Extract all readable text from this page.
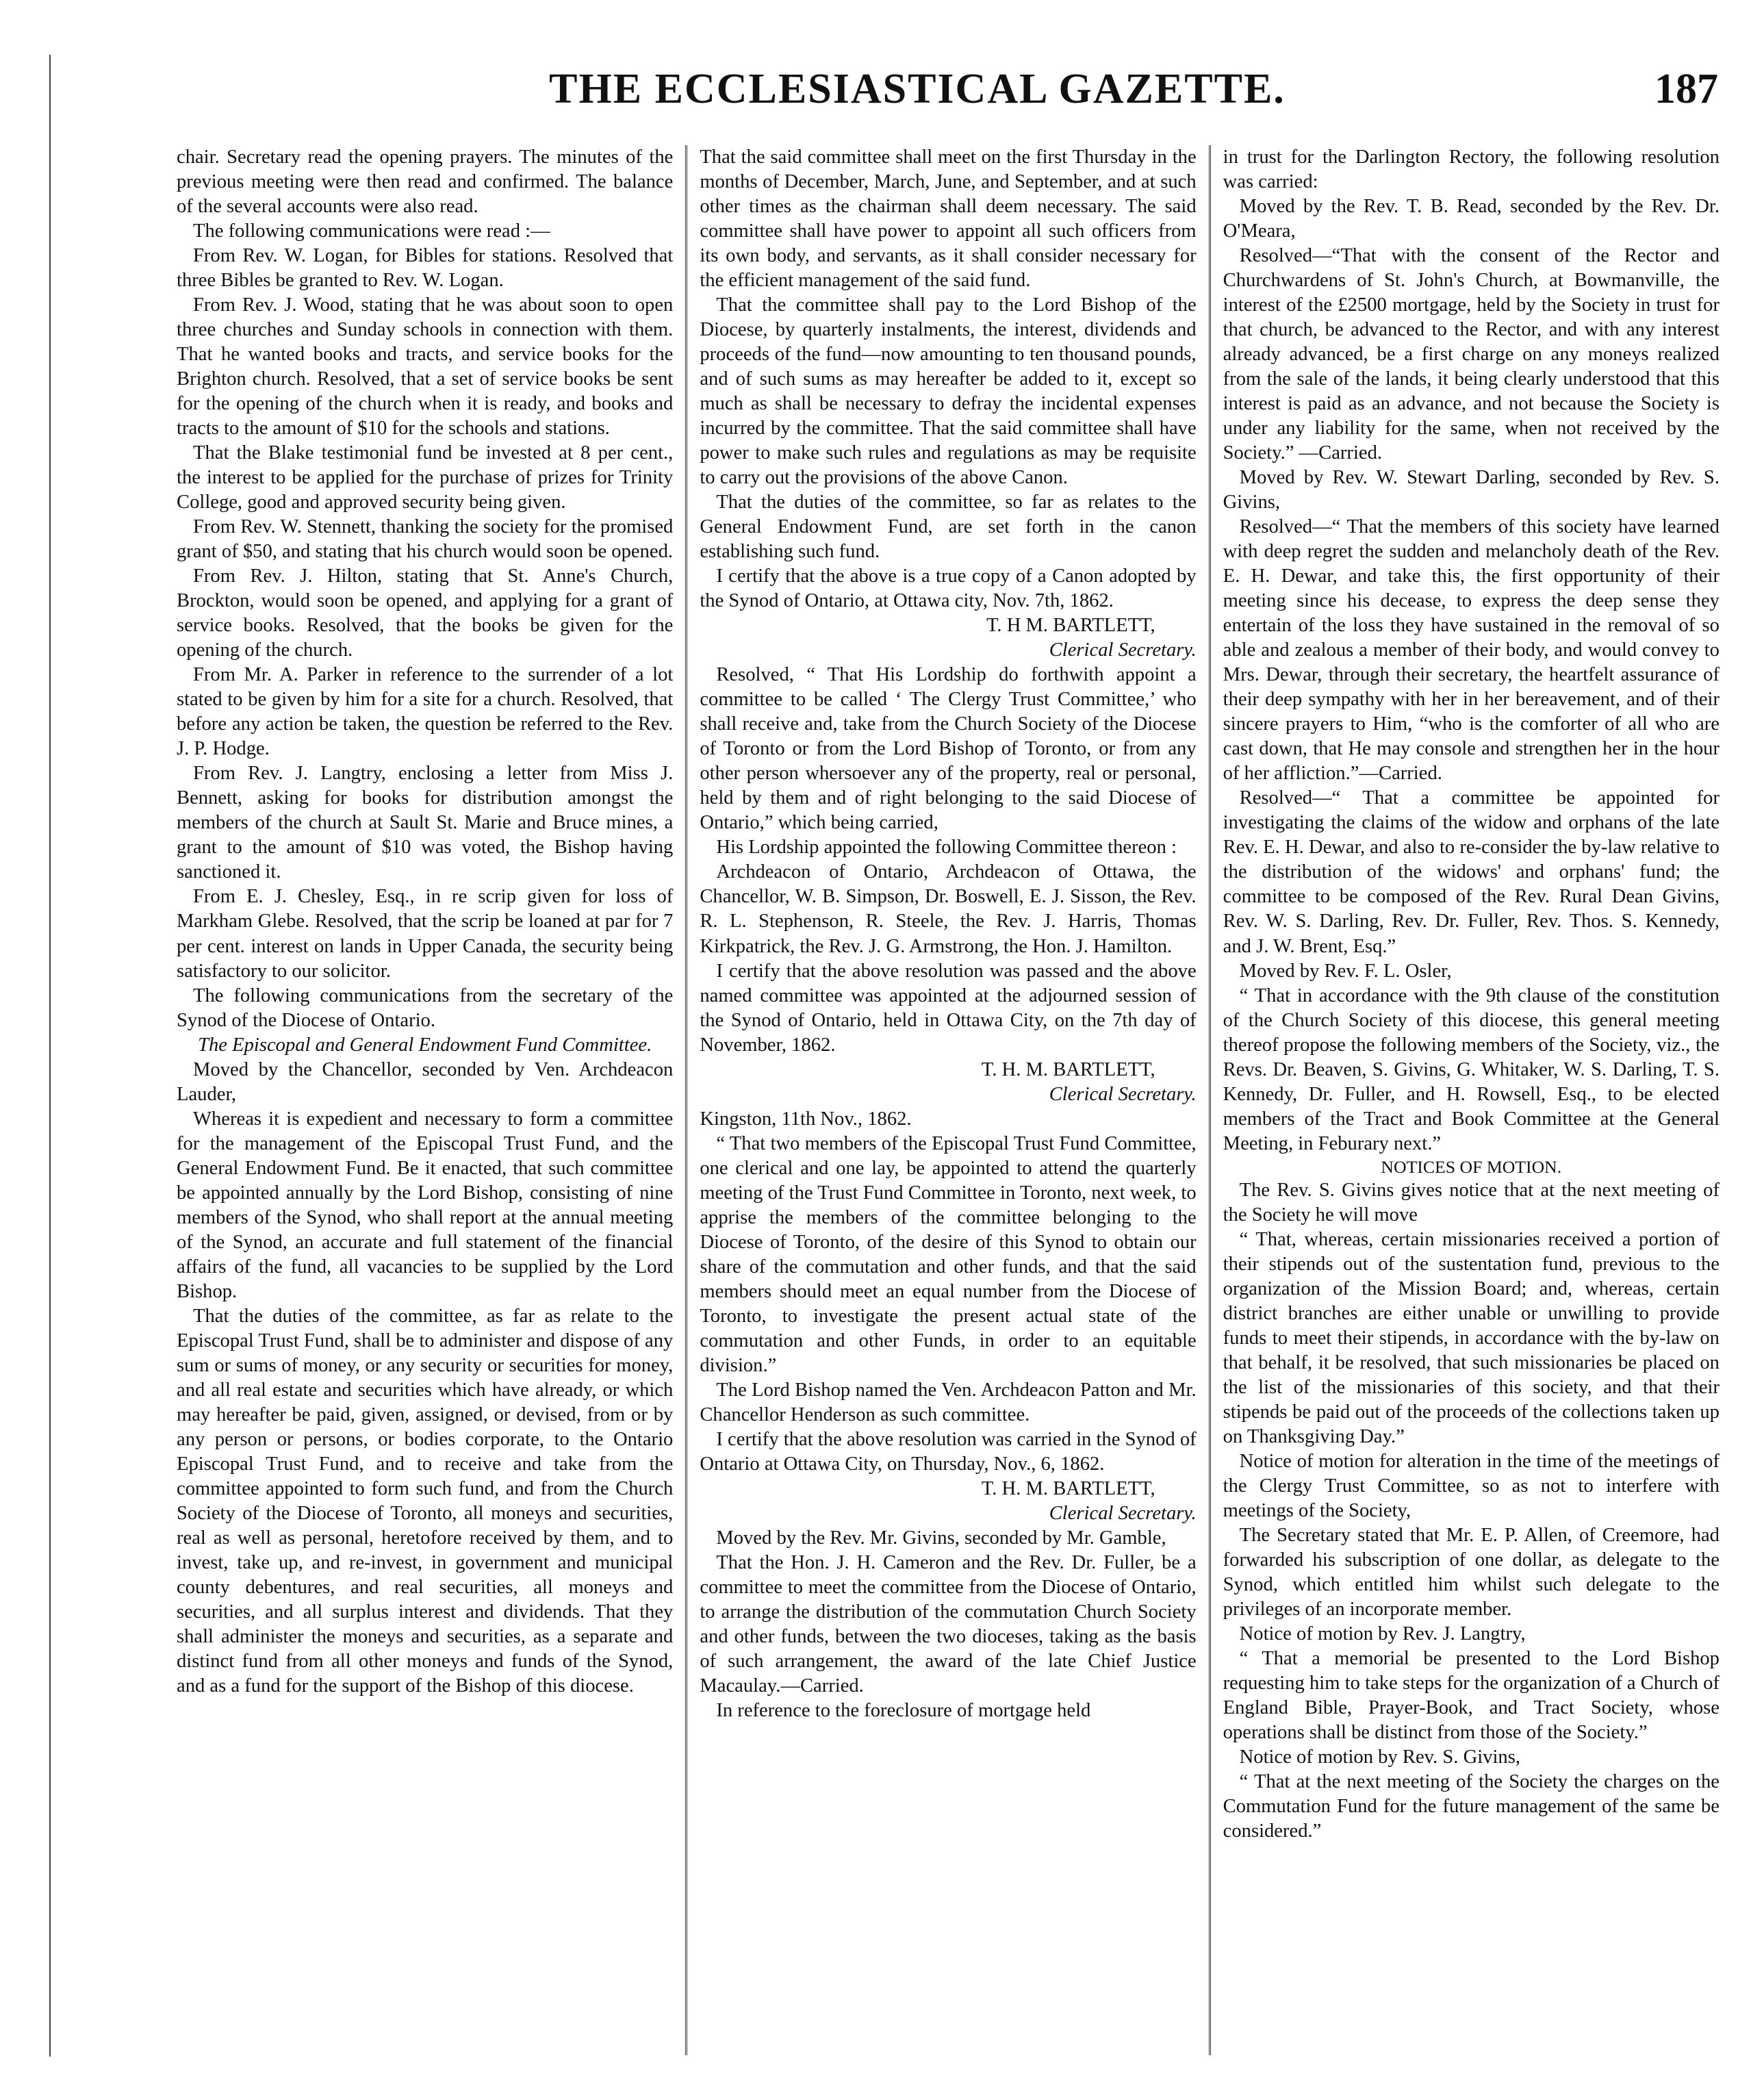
THE ECCLESIASTICAL GAZETTE.	187

chair. Secretary read the opening prayers. The minutes of the previous meeting were then read and confirmed. The balance of the several accounts were also read.

The following communications were read :—

From Rev. W. Logan, for Bibles for stations. Resolved that three Bibles be granted to Rev. W. Logan.

From Rev. J. Wood, stating that he was about soon to open three churches and Sunday schools in connection with them. That he wanted books and tracts, and service books for the Brighton church. Resolved, that a set of service books be sent for the opening of the church when it is ready, and books and tracts to the amount of $10 for the schools and stations.

That the Blake testimonial fund be invested at 8 per cent., the interest to be applied for the purchase of prizes for Trinity College, good and approved security being given.

From Rev. W. Stennett, thanking the society for the promised grant of $50, and stating that his church would soon be opened.

From Rev. J. Hilton, stating that St. Anne's Church, Brockton, would soon be opened, and applying for a grant of service books. Resolved, that the books be given for the opening of the church.

From Mr. A. Parker in reference to the surrender of a lot stated to be given by him for a site for a church. Resolved, that before any action be taken, the question be referred to the Rev. J. P. Hodge.

From Rev. J. Langtry, enclosing a letter from Miss J. Bennett, asking for books for distribution amongst the members of the church at Sault St. Marie and Bruce mines, a grant to the amount of $10 was voted, the Bishop having sanctioned it.

From E. J. Chesley, Esq., in re scrip given for loss of Markham Glebe. Resolved, that the scrip be loaned at par for 7 per cent. interest on lands in Upper Canada, the security being satisfactory to our solicitor.

The following communications from the secretary of the Synod of the Diocese of Ontario.

The Episcopal and General Endowment Fund Committee.

Moved by the Chancellor, seconded by Ven. Archdeacon Lauder,

Whereas it is expedient and necessary to form a committee for the management of the Episcopal Trust Fund, and the General Endowment Fund. Be it enacted, that such committee be appointed annually by the Lord Bishop, consisting of nine members of the Synod, who shall report at the annual meeting of the Synod, an accurate and full statement of the financial affairs of the fund, all vacancies to be supplied by the Lord Bishop.

That the duties of the committee, as far as relate to the Episcopal Trust Fund, shall be to administer and dispose of any sum or sums of money, or any security or securities for money, and all real estate and securities which have already, or which may hereafter be paid, given, assigned, or devised, from or by any person or persons, or bodies corporate, to the Ontario Episcopal Trust Fund, and to receive and take from the committee appointed to form such fund, and from the Church Society of the Diocese of Toronto, all moneys and securities, real as well as personal, heretofore received by them, and to invest, take up, and re-invest, in government and municipal county debentures, and real securities, all moneys and securities, and all surplus interest and dividends. That they shall administer the moneys and securities, as a separate and distinct fund from all other moneys and funds of the Synod, and as a fund for the support of the Bishop of this diocese.

That the said committee shall meet on the first Thursday in the months of December, March, June, and September, and at such other times as the chairman shall deem necessary. The said committee shall have power to appoint all such officers from its own body, and servants, as it shall consider necessary for the efficient management of the said fund.

That the committee shall pay to the Lord Bishop of the Diocese, by quarterly instalments, the interest, dividends and proceeds of the fund—now amounting to ten thousand pounds, and of such sums as may hereafter be added to it, except so much as shall be necessary to defray the incidental expenses incurred by the committee. That the said committee shall have power to make such rules and regulations as may be requisite to carry out the provisions of the above Canon.

That the duties of the committee, so far as relates to the General Endowment Fund, are set forth in the canon establishing such fund.

I certify that the above is a true copy of a Canon adopted by the Synod of Ontario, at Ottawa city, Nov. 7th, 1862.

T. H M. BARTLETT,

Clerical Secretary.

Resolved, “ That His Lordship do forthwith appoint a committee to be called ‘ The Clergy Trust Committee,’ who shall receive and, take from the Church Society of the Diocese of Toronto or from the Lord Bishop of Toronto, or from any other person whersoever any of the property, real or personal, held by them and of right belonging to the said Diocese of Ontario,” which being carried,

His Lordship appointed the following Committee thereon :

Archdeacon of Ontario, Archdeacon of Ottawa, the Chancellor, W. B. Simpson, Dr. Boswell, E. J. Sisson, the Rev. R. L. Stephenson, R. Steele, the Rev. J. Harris, Thomas Kirkpatrick, the Rev. J. G. Armstrong, the Hon. J. Hamilton.

I certify that the above resolution was passed and the above named committee was appointed at the adjourned session of the Synod of Ontario, held in Ottawa City, on the 7th day of November, 1862.

T. H. M. BARTLETT,

Clerical Secretary.

Kingston, 11th Nov., 1862.

“ That two members of the Episcopal Trust Fund Committee, one clerical and one lay, be appointed to attend the quarterly meeting of the Trust Fund Committee in Toronto, next week, to apprise the members of the committee belonging to the Diocese of Toronto, of the desire of this Synod to obtain our share of the commutation and other funds, and that the said members should meet an equal number from the Diocese of Toronto, to investigate the present actual state of the commutation and other Funds, in order to an equitable division.”

The Lord Bishop named the Ven. Archdeacon Patton and Mr. Chancellor Henderson as such committee.

I certify that the above resolution was carried in the Synod of Ontario at Ottawa City, on Thursday, Nov., 6, 1862.

T. H. M. BARTLETT,

Clerical Secretary.

Moved by the Rev. Mr. Givins, seconded by Mr. Gamble,

That the Hon. J. H. Cameron and the Rev. Dr. Fuller, be a committee to meet the committee from the Diocese of Ontario, to arrange the distribution of the commutation Church Society and other funds, between the two dioceses, taking as the basis of such arrangement, the award of the late Chief Justice Macaulay.—Carried.

In reference to the foreclosure of mortgage held

in trust for the Darlington Rectory, the following resolution was carried:

Moved by the Rev. T. B. Read, seconded by the Rev. Dr. O'Meara,

Resolved—“That with the consent of the Rector and Churchwardens of St. John's Church, at Bowmanville, the interest of the £2500 mortgage, held by the Society in trust for that church, be advanced to the Rector, and with any interest already advanced, be a first charge on any moneys realized from the sale of the lands, it being clearly understood that this interest is paid as an advance, and not because the Society is under any liability for the same, when not received by the Society.” —Carried.

Moved by Rev. W. Stewart Darling, seconded by Rev. S. Givins,

Resolved—“ That the members of this society have learned with deep regret the sudden and melancholy death of the Rev. E. H. Dewar, and take this, the first opportunity of their meeting since his decease, to express the deep sense they entertain of the loss they have sustained in the removal of so able and zealous a member of their body, and would convey to Mrs. Dewar, through their secretary, the heartfelt assurance of their deep sympathy with her in her bereavement, and of their sincere prayers to Him, “who is the comforter of all who are cast down, that He may console and strengthen her in the hour of her affliction.”—Carried.

Resolved—“ That a committee be appointed for investigating the claims of the widow and orphans of the late Rev. E. H. Dewar, and also to re-consider the by-law relative to the distribution of the widows' and orphans' fund; the committee to be composed of the Rev. Rural Dean Givins, Rev. W. S. Darling, Rev. Dr. Fuller, Rev. Thos. S. Kennedy, and J. W. Brent, Esq.”

Moved by Rev. F. L. Osler,

“ That in accordance with the 9th clause of the constitution of the Church Society of this diocese, this general meeting thereof propose the following members of the Society, viz., the Revs. Dr. Beaven, S. Givins, G. Whitaker, W. S. Darling, T. S. Kennedy, Dr. Fuller, and H. Rowsell, Esq., to be elected members of the Tract and Book Committee at the General Meeting, in Feburary next.”

NOTICES OF MOTION.

The Rev. S. Givins gives notice that at the next meeting of the Society he will move

“ That, whereas, certain missionaries received a portion of their stipends out of the sustentation fund, previous to the organization of the Mission Board; and, whereas, certain district branches are either unable or unwilling to provide funds to meet their stipends, in accordance with the by-law on that behalf, it be resolved, that such missionaries be placed on the list of the missionaries of this society, and that their stipends be paid out of the proceeds of the collections taken up on Thanksgiving Day.”

Notice of motion for alteration in the time of the meetings of the Clergy Trust Committee, so as not to interfere with meetings of the Society,

The Secretary stated that Mr. E. P. Allen, of Creemore, had forwarded his subscription of one dollar, as delegate to the Synod, which entitled him whilst such delegate to the privileges of an incorporate member.

Notice of motion by Rev. J. Langtry,

“ That a memorial be presented to the Lord Bishop requesting him to take steps for the organization of a Church of England Bible, Prayer-Book, and Tract Society, whose operations shall be distinct from those of the Society.”

Notice of motion by Rev. S. Givins,

“ That at the next meeting of the Society the charges on the Commutation Fund for the future management of the same be considered.”
